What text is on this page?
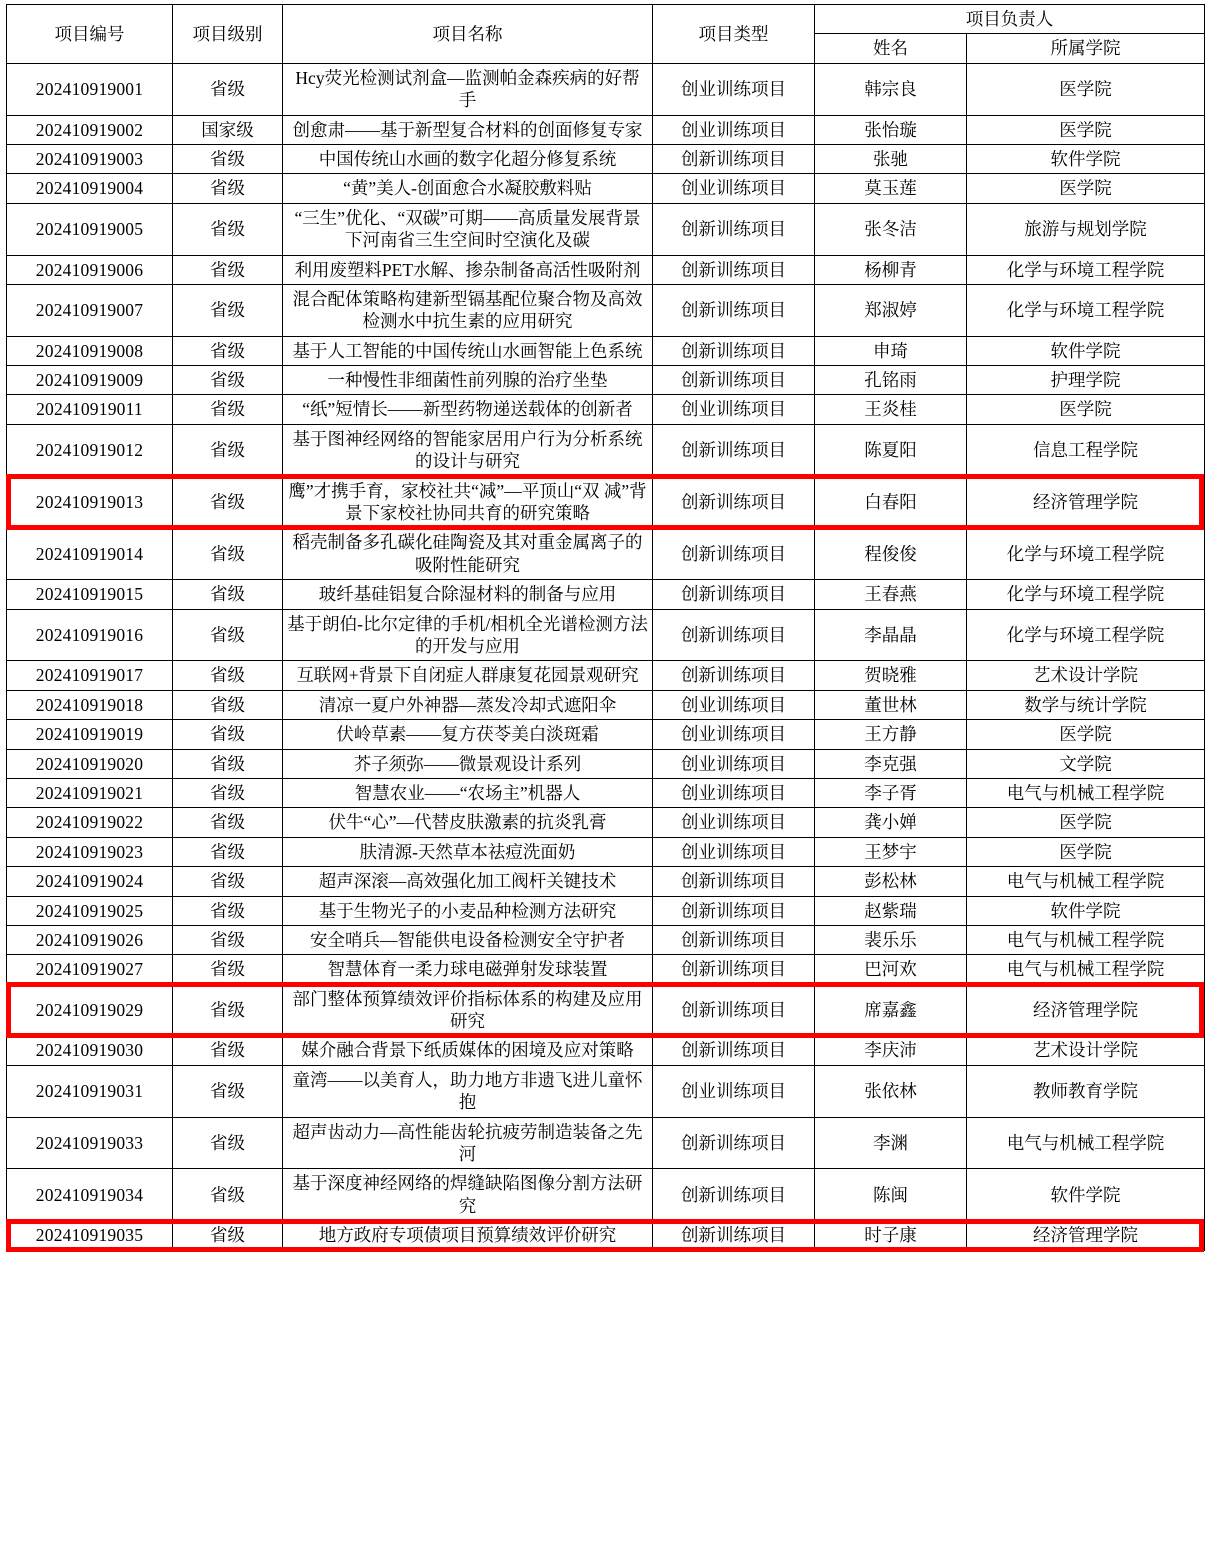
项目编号	项目级别	项目名称	项目类型	项目负责人	
				姓名	所属学院
202410919001	省级	Hcy荧光检测试剂盒—监测帕金森疾病的好帮手	创业训练项目	韩宗良	医学院
202410919002	国家级	创愈肃——基于新型复合材料的创面修复专家	创业训练项目	张怡璇	医学院
202410919003	省级	中国传统山水画的数字化超分修复系统	创新训练项目	张驰	软件学院
202410919004	省级	“黄”美人-创面愈合水凝胶敷料贴	创业训练项目	莫玉莲	医学院
202410919005	省级	“三生”优化、“双碳”可期——高质量发展背景下河南省三生空间时空演化及碳	创新训练项目	张冬洁	旅游与规划学院
202410919006	省级	利用废塑料PET水解、掺杂制备高活性吸附剂	创新训练项目	杨柳青	化学与环境工程学院
202410919007	省级	混合配体策略构建新型镉基配位聚合物及高效检测水中抗生素的应用研究	创新训练项目	郑淑婷	化学与环境工程学院
202410919008	省级	基于人工智能的中国传统山水画智能上色系统	创新训练项目	申琦	软件学院
202410919009	省级	一种慢性非细菌性前列腺的治疗坐垫	创新训练项目	孔铭雨	护理学院
202410919011	省级	“纸”短情长——新型药物递送载体的创新者	创业训练项目	王炎桂	医学院
202410919012	省级	基于图神经网络的智能家居用户行为分析系统的设计与研究	创新训练项目	陈夏阳	信息工程学院
202410919013	省级	鹰”才携手育，家校社共“减”—平顶山“双 减”背景下家校社协同共育的研究策略	创新训练项目	白春阳	经济管理学院
202410919014	省级	稻壳制备多孔碳化硅陶瓷及其对重金属离子的吸附性能研究	创新训练项目	程俊俊	化学与环境工程学院
202410919015	省级	玻纤基硅铝复合除湿材料的制备与应用	创新训练项目	王春燕	化学与环境工程学院
202410919016	省级	基于朗伯-比尔定律的手机/相机全光谱检测方法的开发与应用	创新训练项目	李晶晶	化学与环境工程学院
202410919017	省级	互联网+背景下自闭症人群康复花园景观研究	创新训练项目	贺晓雅	艺术设计学院
202410919018	省级	清凉一夏户外神器—蒸发冷却式遮阳伞	创业训练项目	董世林	数学与统计学院
202410919019	省级	伏岭草素——复方茯苓美白淡斑霜	创业训练项目	王方静	医学院
202410919020	省级	芥子须弥——微景观设计系列	创业训练项目	李克强	文学院
202410919021	省级	智慧农业——“农场主”机器人	创业训练项目	李子胥	电气与机械工程学院
202410919022	省级	伏牛“心”—代替皮肤激素的抗炎乳膏	创业训练项目	龚小婵	医学院
202410919023	省级	肤清源-天然草本祛痘洗面奶	创业训练项目	王梦宇	医学院
202410919024	省级	超声深滚—高效强化加工阀杆关键技术	创新训练项目	彭松林	电气与机械工程学院
202410919025	省级	基于生物光子的小麦品种检测方法研究	创新训练项目	赵紫瑞	软件学院
202410919026	省级	安全哨兵—智能供电设备检测安全守护者	创新训练项目	裴乐乐	电气与机械工程学院
202410919027	省级	智慧体育一柔力球电磁弹射发球装置	创新训练项目	巴河欢	电气与机械工程学院
202410919029	省级	部门整体预算绩效评价指标体系的构建及应用研究	创新训练项目	席嘉鑫	经济管理学院
202410919030	省级	媒介融合背景下纸质媒体的困境及应对策略	创新训练项目	李庆沛	艺术设计学院
202410919031	省级	童湾——以美育人，助力地方非遗飞进儿童怀抱	创业训练项目	张依林	教师教育学院
202410919033	省级	超声齿动力—高性能齿轮抗疲劳制造装备之先河	创新训练项目	李渊	电气与机械工程学院
202410919034	省级	基于深度神经网络的焊缝缺陷图像分割方法研究	创新训练项目	陈闽	软件学院
202410919035	省级	地方政府专项债项目预算绩效评价研究	创新训练项目	时子康	经济管理学院
